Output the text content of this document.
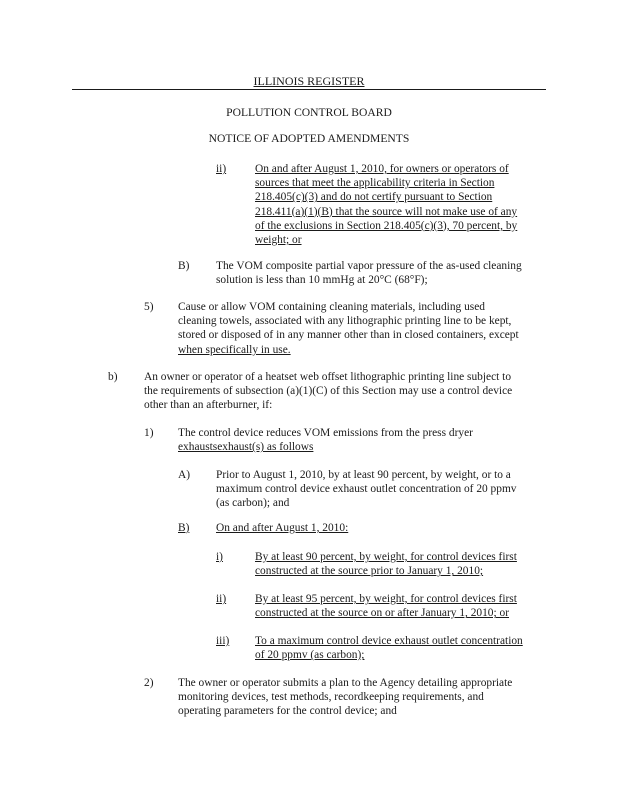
ILLINOIS REGISTER
POLLUTION CONTROL BOARD
NOTICE OF ADOPTED AMENDMENTS
ii)	On and after August 1, 2010, for owners or operators of
sources that meet the applicability criteria in Section
218.405(c)(3) and do not certify pursuant to Section
218.411(a)(1)(B) that the source will not make use of any
of the exclusions in Section 218.405(c)(3), 70 percent, by
weight; or
B) The VOM composite partial vapor pressure of the as-used cleaning
solution is less than 10 mmHg at 20°C (68°F);
5) Cause or allow VOM containing cleaning materials, including used
cleaning towels, associated with any lithographic printing line to be kept,
stored or disposed of in any manner other than in closed containers, except
when specifically in use.
b) An owner or operator of a heatset web offset lithographic printing line subject to
the requirements of subsection (a)(1)(C) of this Section may use a control device
other than an afterburner, if:
1) The control device reduces VOM emissions from the press dryer
exhaustsexhaust(s) as follows
A) Prior to August 1, 2010, by at least 90 percent, by weight, or to a
maximum control device exhaust outlet concentration of 20 ppmv
(as carbon); and
B) On and after August 1, 2010:
i)	By at least 90 percent, by weight, for control devices first
constructed at the source prior to January 1, 2010;
ii)	By at least 95 percent, by weight, for control devices first
constructed at the source on or after January 1, 2010; or
iii) To a maximum control device exhaust outlet concentration
of 20 ppmv (as carbon);
2) The owner or operator submits a plan to the Agency detailing appropriate
monitoring devices, test methods, recordkeeping requirements, and
operating parameters for the control device; and
